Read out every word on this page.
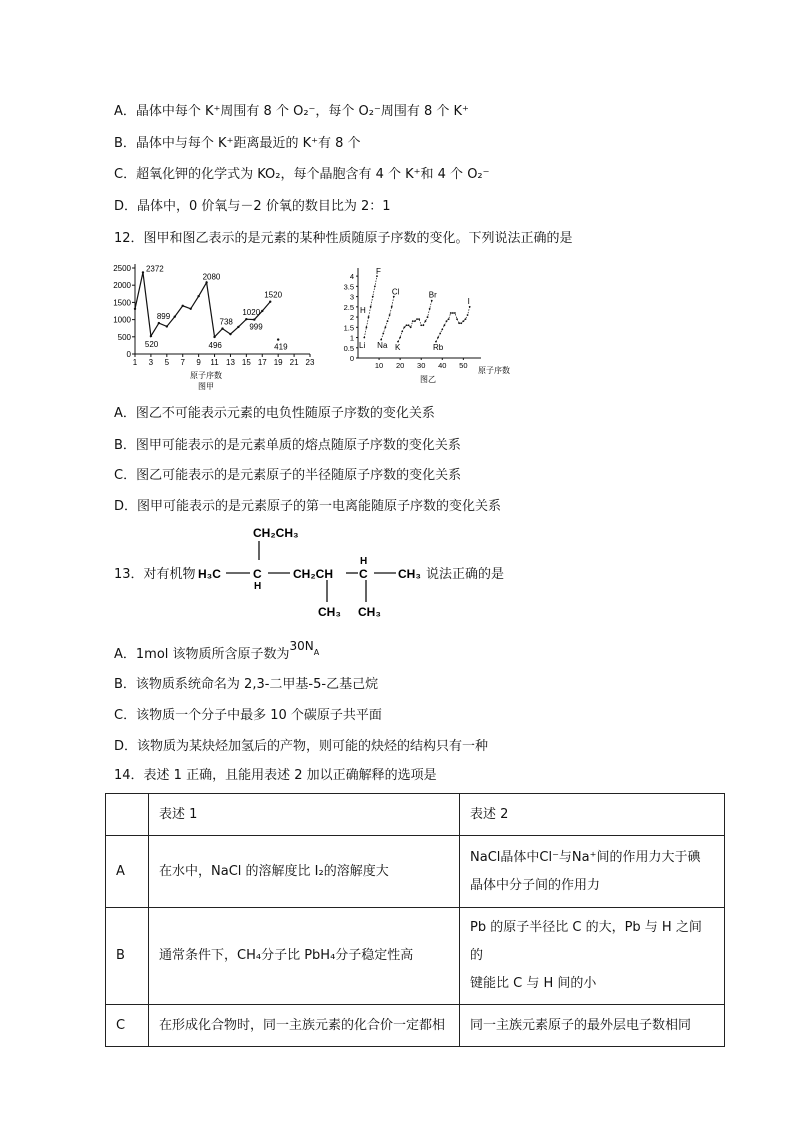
A．晶体中每个 K⁺周围有 8 个 O₂⁻，每个 O₂⁻周围有 8 个 K⁺
B．晶体中与每个 K⁺距离最近的 K⁺有 8 个
C．超氧化钾的化学式为 KO₂，每个晶胞含有 4 个 K⁺和 4 个 O₂⁻
D．晶体中，0 价氧与－2 价氧的数目比为 2：1
12．图甲和图乙表示的是元素的某种性质随原子序数的变化。下列说法正确的是
0
500
1000
1500
2000
2500
1 3 5 7 9 11 13 15 17 19 21 23
2372
520
899
2080
496
738
1020
999
1520
419
原子序数
图甲
0
0.5
1
1.5
2
2.5
3
3.5
4
10 20 30 40 50
F
H
Cl
Li Na K
Br
I
Rb
原子序数
图乙
A．图乙不可能表示元素的电负性随原子序数的变化关系
B．图甲可能表示的是元素单质的熔点随原子序数的变化关系
C．图乙可能表示的是元素原子的半径随原子序数的变化关系
D．图甲可能表示的是元素原子的第一电离能随原子序数的变化关系
13．对有机物
CH₂CH₃
H₃C	C
H
CH₂CH
CH₃
H
C
CH₃
CH₃ 说法正确的是
A．1mol 该物质所含原子数为$30N^A$
B．该物质系统命名为 2,3-二甲基-5-乙基己烷
C．该物质一个分子中最多 10 个碳原子共平面
D．该物质为某炔烃加氢后的产物，则可能的炔烃的结构只有一种
14．表述 1 正确，且能用表述 2 加以正确解释的选项是
	表述 1	表述 2
A	在水中，NaCl 的溶解度比 I₂的溶解度大	NaCl晶体中Cl⁻与Na⁺间的作用力大于碘
晶体中分子间的作用力

B	通常条件下，CH₄分子比 PbH₄分子稳定性高	Pb 的原子半径比 C 的大，Pb 与 H 之间的
键能比 C 与 H 间的小

C	在形成化合物时，同一主族元素的化合价一定都相	同一主族元素原子的最外层电子数相同
